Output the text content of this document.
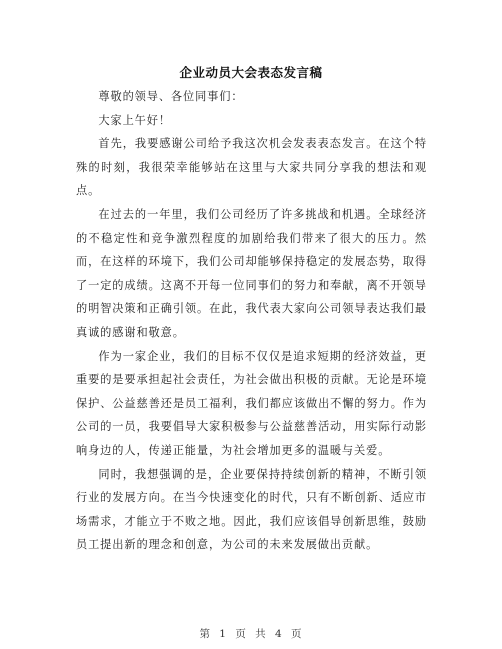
企业动员大会表态发言稿

尊敬的领导、各位同事们：

大家上午好！

首先，我要感谢公司给予我这次机会发表表态发言。在这个特殊的时刻，我很荣幸能够站在这里与大家共同分享我的想法和观点。

在过去的一年里，我们公司经历了许多挑战和机遇。全球经济的不稳定性和竞争激烈程度的加剧给我们带来了很大的压力。然而，在这样的环境下，我们公司却能够保持稳定的发展态势，取得了一定的成绩。这离不开每一位同事们的努力和奉献，离不开领导的明智决策和正确引领。在此，我代表大家向公司领导表达我们最真诚的感谢和敬意。

作为一家企业，我们的目标不仅仅是追求短期的经济效益，更重要的是要承担起社会责任，为社会做出积极的贡献。无论是环境保护、公益慈善还是员工福利，我们都应该做出不懈的努力。作为公司的一员，我要倡导大家积极参与公益慈善活动，用实际行动影响身边的人，传递正能量，为社会增加更多的温暖与关爱。

同时，我想强调的是，企业要保持持续创新的精神，不断引领行业的发展方向。在当今快速变化的时代，只有不断创新、适应市场需求，才能立于不败之地。因此，我们应该倡导创新思维，鼓励员工提出新的理念和创意，为公司的未来发展做出贡献。

第 1 页 共 4 页
